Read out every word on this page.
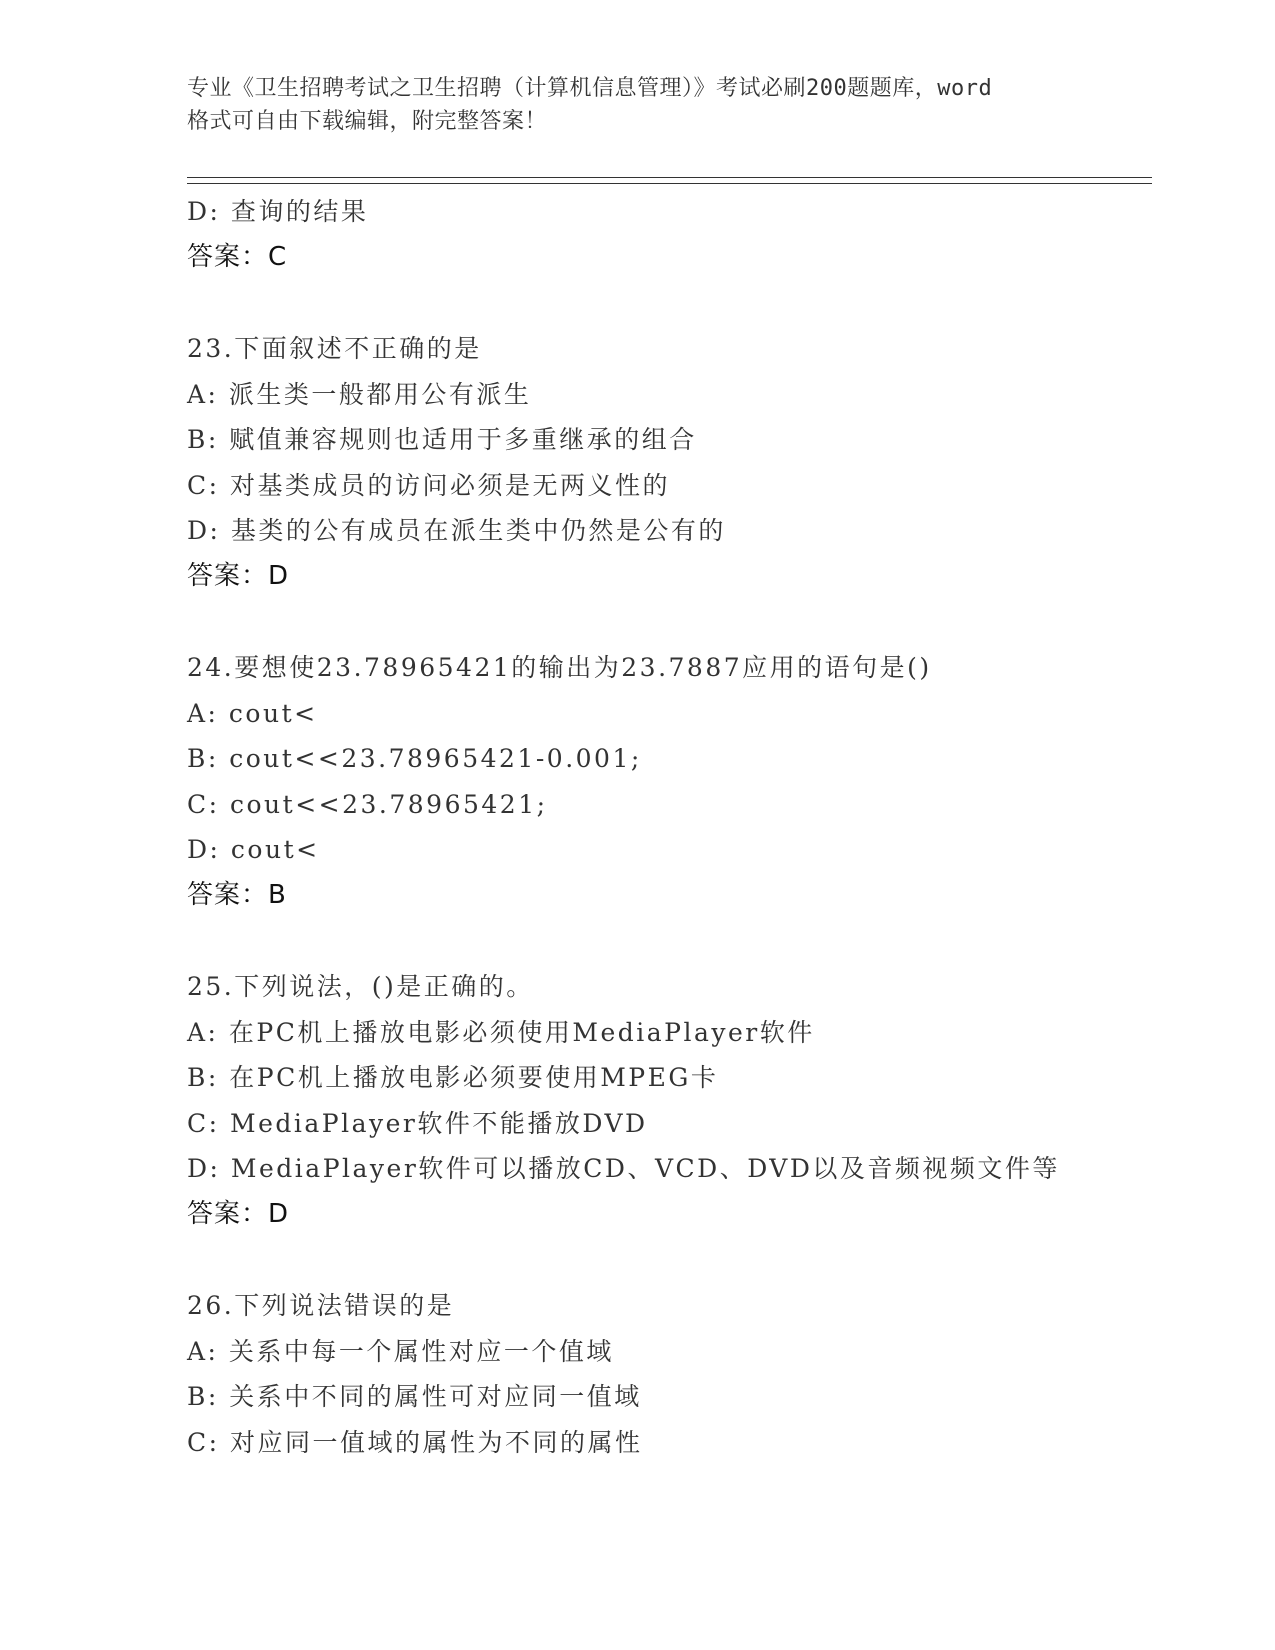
专业《卫生招聘考试之卫生招聘（计算机信息管理）》考试必刷200题题库，word
格式可自由下载编辑，附完整答案！
D: 查询的结果
答案：C
23.下面叙述不正确的是
A: 派生类一般都用公有派生
B: 赋值兼容规则也适用于多重继承的组合
C: 对基类成员的访问必须是无两义性的
D: 基类的公有成员在派生类中仍然是公有的
答案：D
24.要想使23.78965421的输出为23.7887应用的语句是()
A: cout<
B: cout<<23.78965421-0.001;
C: cout<<23.78965421;
D: cout<
答案：B
25.下列说法，()是正确的。
A: 在PC机上播放电影必须使用MediaPlayer软件
B: 在PC机上播放电影必须要使用MPEG卡
C: MediaPlayer软件不能播放DVD
D: MediaPlayer软件可以播放CD、VCD、DVD以及音频视频文件等
答案：D
26.下列说法错误的是
A: 关系中每一个属性对应一个值域
B: 关系中不同的属性可对应同一值域
C: 对应同一值域的属性为不同的属性
